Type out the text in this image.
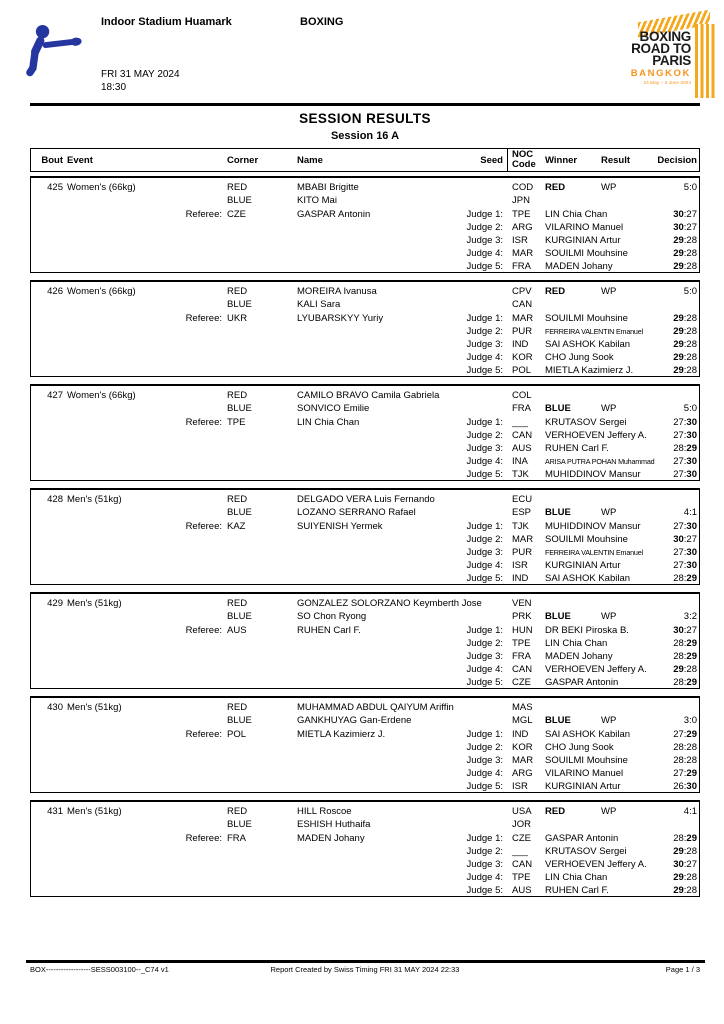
Indoor Stadium Huamark	BOXING
FRI 31 MAY 2024
18:30
BOXING
ROAD TO
PARIS
BANGKOK
24 May – 3 June 2024
SESSION RESULTS
Session 16 A
Bout Event	Corner	Name	Seed
NOC
Code Winner	Result	Decision
425 Women's (66kg)	RED	MBABI Brigitte	COD RED	WP	5:0
BLUE	KITO Mai	JPN
Referee: CZE	GASPAR Antonin	Judge 1: TPE LIN Chia Chan	30:27
Judge 2: ARG VILARINO Manuel	30:27
Judge 3: ISR KURGINIAN Artur	29:28
Judge 4: MAR SOUILMI Mouhsine	29:28
Judge 5: FRA MADEN Johany	29:28
426 Women's (66kg)	RED	MOREIRA Ivanusa	CPV RED	WP	5:0
BLUE	KALI Sara	CAN
Referee: UKR	LYUBARSKYY Yuriy	Judge 1: MAR SOUILMI Mouhsine	29:28
Judge 2: PUR FERREIRA VALENTIN Emanuel	29:28
Judge 3: IND SAI ASHOK Kabilan	29:28
Judge 4: KOR CHO Jung Sook	29:28
Judge 5: POL MIETLA Kazimierz J.	29:28
427 Women's (66kg)	RED	CAMILO BRAVO Camila Gabriela	COL
BLUE	SONVICO Emilie	FRA BLUE	WP	5:0
Referee: TPE	LIN Chia Chan	Judge 1: ___ KRUTASOV Sergei	27:30
Judge 2: CAN VERHOEVEN Jeffery A.	27:30
Judge 3: AUS RUHEN Carl F.	28:29
Judge 4: INA ARISA PUTRA POHAN Muhammad 27:30
Judge 5: TJK MUHIDDINOV Mansur	27:30
428 Men's (51kg)	RED	DELGADO VERA Luis Fernando	ECU
BLUE	LOZANO SERRANO Rafael	ESP BLUE	WP	4:1
Referee: KAZ	SUIYENISH Yermek	Judge 1: TJK MUHIDDINOV Mansur	27:30
Judge 2: MAR SOUILMI Mouhsine	30:27
Judge 3: PUR FERREIRA VALENTIN Emanuel	27:30
Judge 4: ISR KURGINIAN Artur	27:30
Judge 5: IND SAI ASHOK Kabilan	28:29
429 Men's (51kg)	RED	GONZALEZ SOLORZANO Keymberth Jose	VEN
BLUE	SO Chon Ryong	PRK BLUE	WP	3:2
Referee: AUS	RUHEN Carl F.	Judge 1: HUN DR BEKI Piroska B.	30:27
Judge 2: TPE LIN Chia Chan	28:29
Judge 3: FRA MADEN Johany	28:29
Judge 4: CAN VERHOEVEN Jeffery A.	29:28
Judge 5: CZE GASPAR Antonin	28:29
430 Men's (51kg)	RED	MUHAMMAD ABDUL QAIYUM Ariffin	MAS
BLUE	GANKHUYAG Gan-Erdene	MGL BLUE	WP	3:0
Referee: POL	MIETLA Kazimierz J.	Judge 1: IND SAI ASHOK Kabilan	27:29
Judge 2: KOR CHO Jung Sook	28:28
Judge 3: MAR SOUILMI Mouhsine	28:28
Judge 4: ARG VILARINO Manuel	27:29
Judge 5: ISR KURGINIAN Artur	26:30
431 Men's (51kg)	RED	HILL Roscoe	USA RED	WP	4:1
BLUE	ESHISH Huthaifa	JOR
Referee: FRA	MADEN Johany	Judge 1: CZE GASPAR Antonin	28:29
Judge 2: ___ KRUTASOV Sergei	29:28
Judge 3: CAN VERHOEVEN Jeffery A.	30:27
Judge 4: TPE LIN Chia Chan	29:28
Judge 5: AUS RUHEN Carl F.	29:28
BOX------------------SESS003100--_C74 v1	Report Created by Swiss Timing FRI 31 MAY 2024 22:33	Page 1 / 3
